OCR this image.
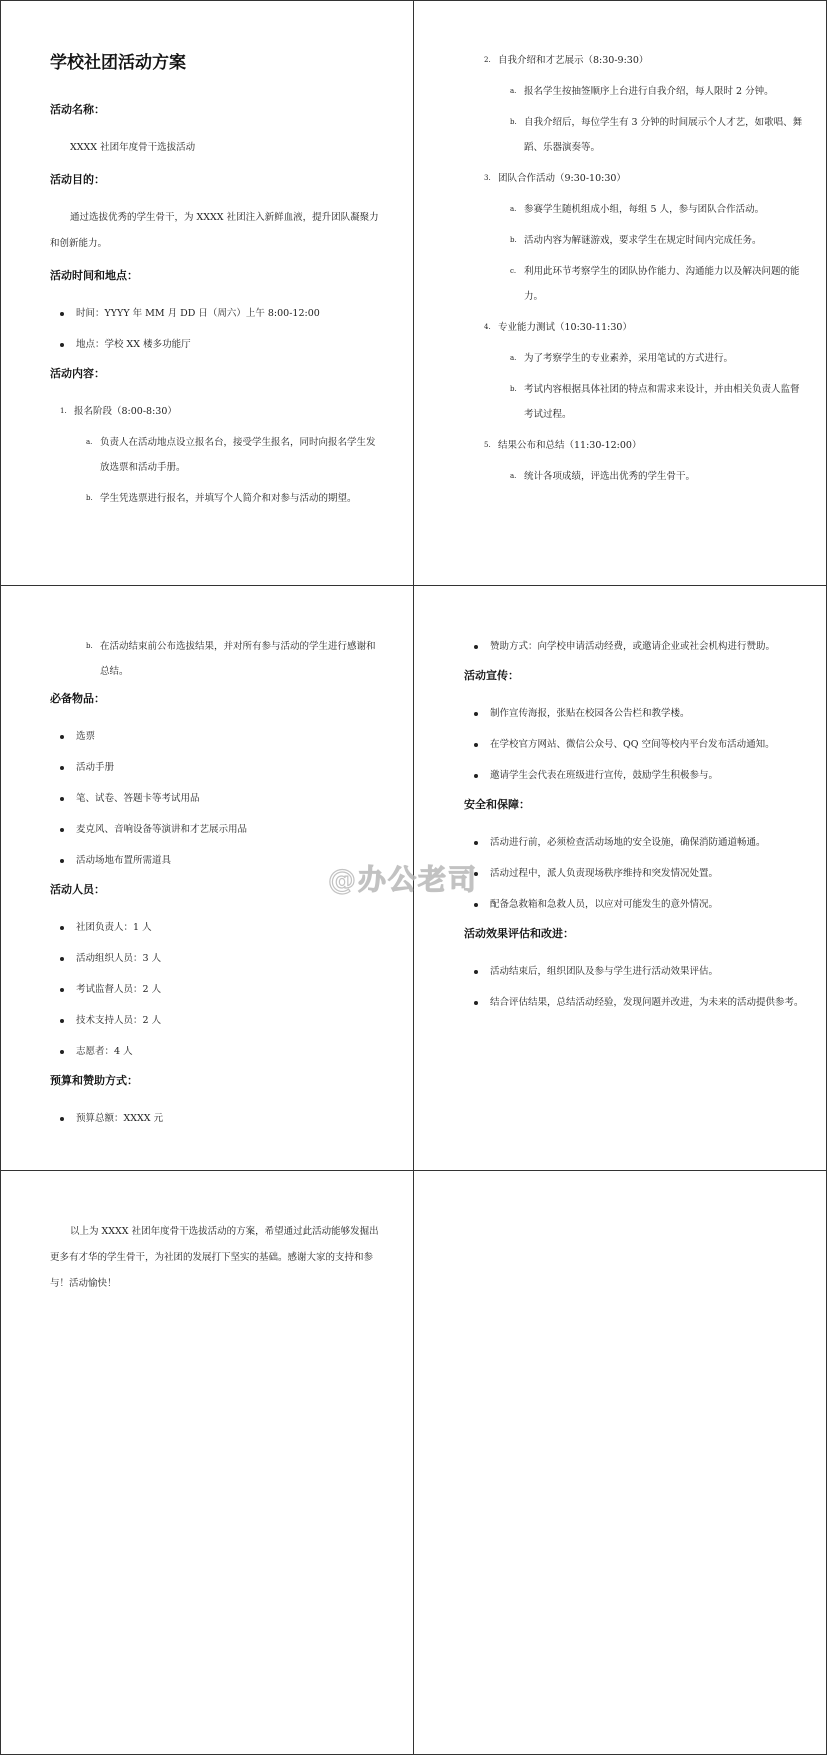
学校社团活动方案
活动名称：
XXXX 社团年度骨干选拔活动
活动目的：
通过选拔优秀的学生骨干，为 XXXX 社团注入新鲜血液，提升团队凝聚力和创新能力。
活动时间和地点：
时间：YYYY 年 MM 月 DD 日（周六）上午 8:00-12:00
地点：学校 XX 楼多功能厅
活动内容：
1. 报名阶段（8:00-8:30）
a. 负责人在活动地点设立报名台，接受学生报名，同时向报名学生发放选票和活动手册。
b. 学生凭选票进行报名，并填写个人简介和对参与活动的期望。
2. 自我介绍和才艺展示（8:30-9:30）
a. 报名学生按抽签顺序上台进行自我介绍，每人限时 2 分钟。
b. 自我介绍后，每位学生有 3 分钟的时间展示个人才艺，如歌唱、舞蹈、乐器演奏等。
3. 团队合作活动（9:30-10:30）
a. 参赛学生随机组成小组，每组 5 人，参与团队合作活动。
b. 活动内容为解谜游戏，要求学生在规定时间内完成任务。
c. 利用此环节考察学生的团队协作能力、沟通能力以及解决问题的能力。
4. 专业能力测试（10:30-11:30）
a. 为了考察学生的专业素养，采用笔试的方式进行。
b. 考试内容根据具体社团的特点和需求来设计，并由相关负责人监督考试过程。
5. 结果公布和总结（11:30-12:00）
a. 统计各项成绩，评选出优秀的学生骨干。
b. 在活动结束前公布选拔结果，并对所有参与活动的学生进行感谢和总结。
必备物品：
选票
活动手册
笔、试卷、答题卡等考试用品
麦克风、音响设备等演讲和才艺展示用品
活动场地布置所需道具
活动人员：
社团负责人：1 人
活动组织人员：3 人
考试监督人员：2 人
技术支持人员：2 人
志愿者：4 人
预算和赞助方式：
预算总额：XXXX 元
赞助方式：向学校申请活动经费，或邀请企业或社会机构进行赞助。
活动宣传：
制作宣传海报，张贴在校园各公告栏和教学楼。
在学校官方网站、微信公众号、QQ 空间等校内平台发布活动通知。
邀请学生会代表在班级进行宣传，鼓励学生积极参与。
安全和保障：
活动进行前，必须检查活动场地的安全设施，确保消防通道畅通。
活动过程中，派人负责现场秩序维持和突发情况处置。
配备急救箱和急救人员，以应对可能发生的意外情况。
活动效果评估和改进：
活动结束后，组织团队及参与学生进行活动效果评估。
结合评估结果，总结活动经验，发现问题并改进，为未来的活动提供参考。
以上为 XXXX 社团年度骨干选拔活动的方案，希望通过此活动能够发掘出更多有才华的学生骨干，为社团的发展打下坚实的基础。感谢大家的支持和参与！活动愉快！
@办公老司
